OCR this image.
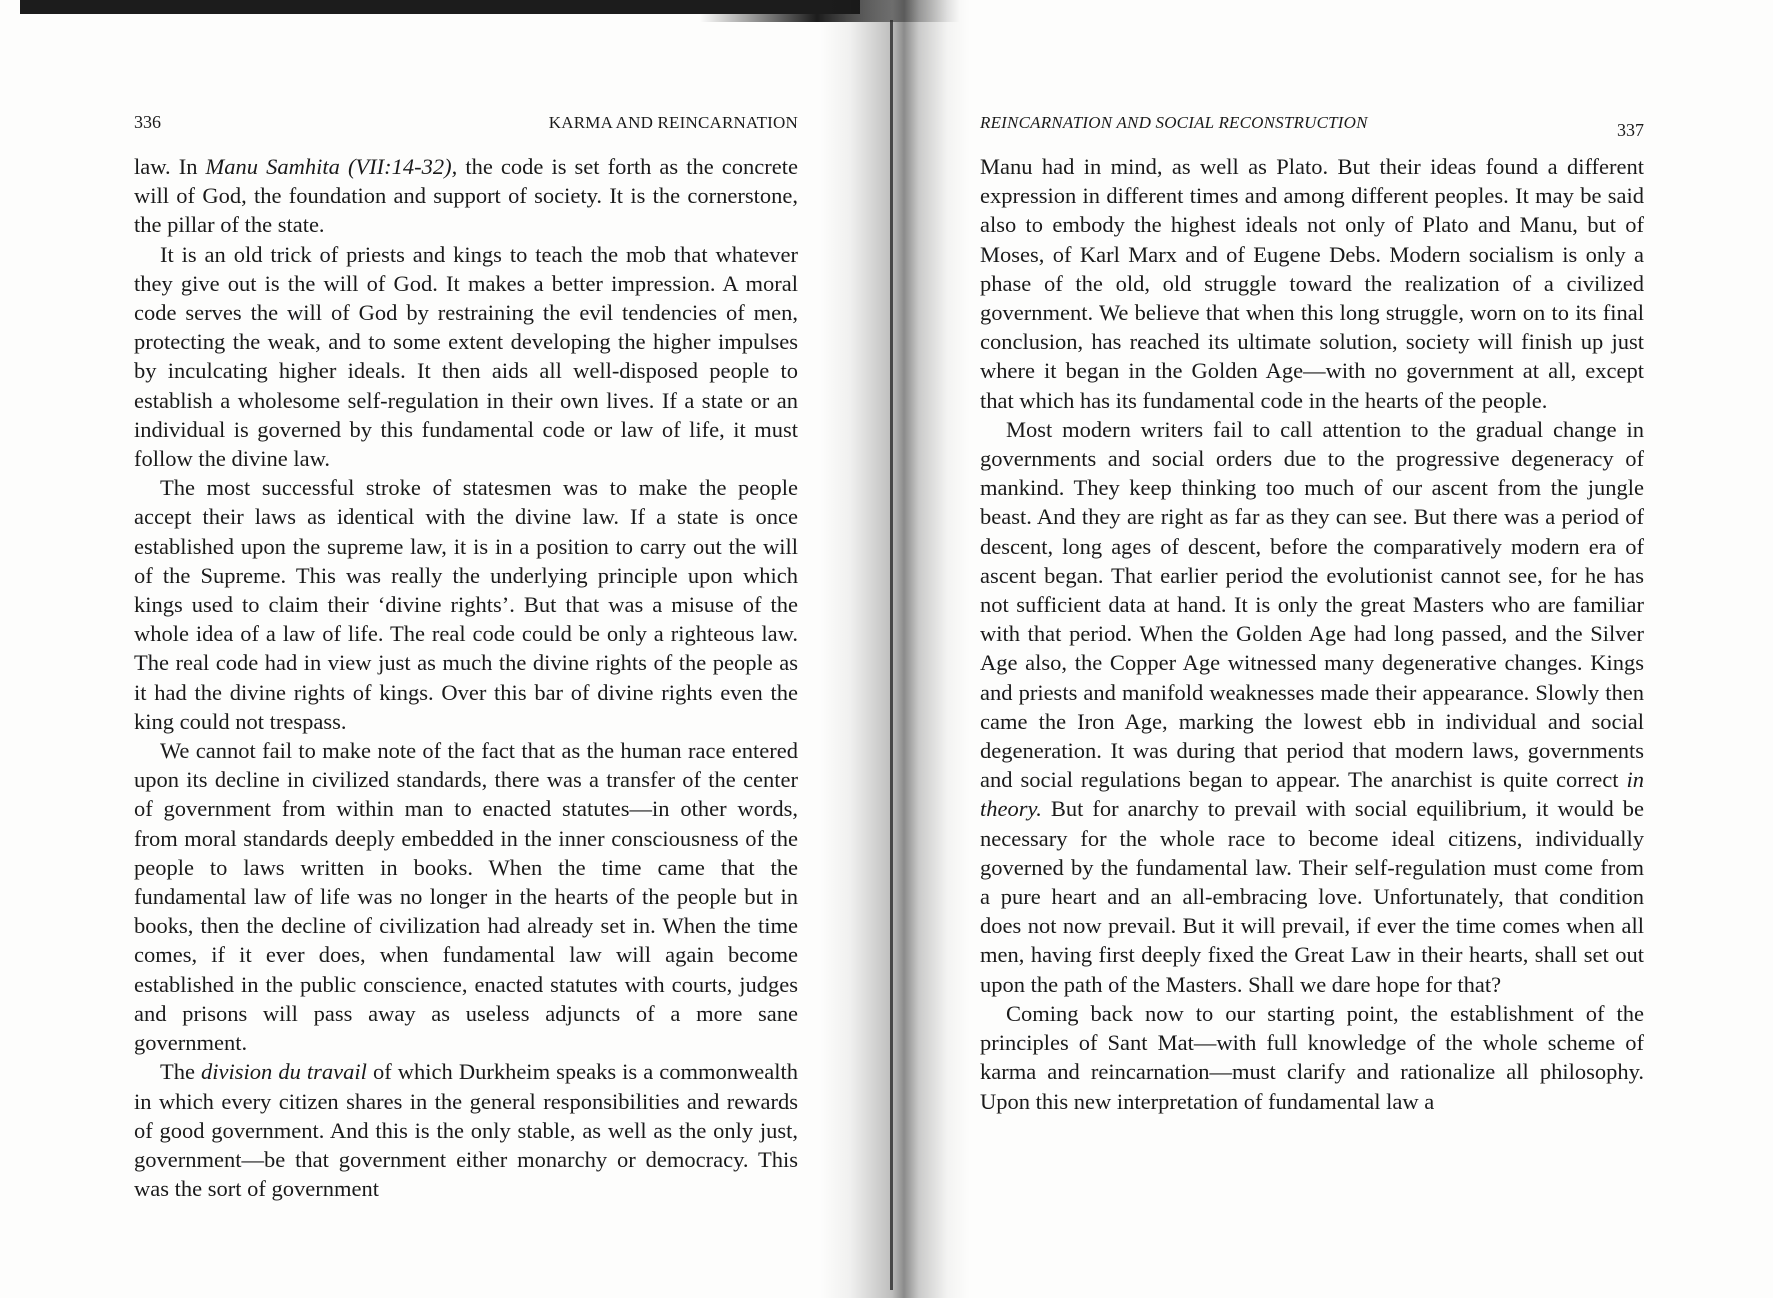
336	KARMA AND REINCARNATION

law. In Manu Samhita (VII:14-32), the code is set forth as the concrete will of God, the foundation and support of society. It is the cornerstone, the pillar of the state.

It is an old trick of priests and kings to teach the mob that whatever they give out is the will of God. It makes a better impression. A moral code serves the will of God by restraining the evil tendencies of men, protecting the weak, and to some extent developing the higher impulses by inculcating higher ideals. It then aids all well-disposed people to establish a wholesome self-regulation in their own lives. If a state or an individual is governed by this fundamental code or law of life, it must follow the divine law.

The most successful stroke of statesmen was to make the people accept their laws as identical with the divine law. If a state is once established upon the supreme law, it is in a position to carry out the will of the Supreme. This was really the underlying principle upon which kings used to claim their ‘divine rights’. But that was a misuse of the whole idea of a law of life. The real code could be only a righteous law. The real code had in view just as much the divine rights of the people as it had the divine rights of kings. Over this bar of divine rights even the king could not trespass.

We cannot fail to make note of the fact that as the human race entered upon its decline in civilized standards, there was a transfer of the center of government from within man to enacted statutes—in other words, from moral standards deeply embedded in the inner consciousness of the people to laws written in books. When the time came that the fundamental law of life was no longer in the hearts of the people but in books, then the decline of civilization had already set in. When the time comes, if it ever does, when fundamental law will again become established in the public conscience, enacted statutes with courts, judges and prisons will pass away as useless adjuncts of a more sane government.

The division du travail of which Durkheim speaks is a commonwealth in which every citizen shares in the general responsibilities and rewards of good government. And this is the only stable, as well as the only just, government—be that government either monarchy or democracy. This was the sort of government

REINCARNATION AND SOCIAL RECONSTRUCTION	337

Manu had in mind, as well as Plato. But their ideas found a different expression in different times and among different peoples. It may be said also to embody the highest ideals not only of Plato and Manu, but of Moses, of Karl Marx and of Eugene Debs. Modern socialism is only a phase of the old, old struggle toward the realization of a civilized government. We believe that when this long struggle, worn on to its final conclusion, has reached its ultimate solution, society will finish up just where it began in the Golden Age—with no government at all, except that which has its fundamental code in the hearts of the people.

Most modern writers fail to call attention to the gradual change in governments and social orders due to the progressive degeneracy of mankind. They keep thinking too much of our ascent from the jungle beast. And they are right as far as they can see. But there was a period of descent, long ages of descent, before the comparatively modern era of ascent began. That earlier period the evolutionist cannot see, for he has not sufficient data at hand. It is only the great Masters who are familiar with that period. When the Golden Age had long passed, and the Silver Age also, the Copper Age witnessed many degenerative changes. Kings and priests and manifold weaknesses made their appearance. Slowly then came the Iron Age, marking the lowest ebb in individual and social degeneration. It was during that period that modern laws, governments and social regulations began to appear. The anarchist is quite correct in theory. But for anarchy to prevail with social equilibrium, it would be necessary for the whole race to become ideal citizens, individually governed by the fundamental law. Their self-regulation must come from a pure heart and an all-embracing love. Unfortunately, that condition does not now prevail. But it will prevail, if ever the time comes when all men, having first deeply fixed the Great Law in their hearts, shall set out upon the path of the Masters. Shall we dare hope for that?

Coming back now to our starting point, the establishment of the principles of Sant Mat—with full knowledge of the whole scheme of karma and reincarnation—must clarify and rationalize all philosophy. Upon this new interpretation of fundamental law a
